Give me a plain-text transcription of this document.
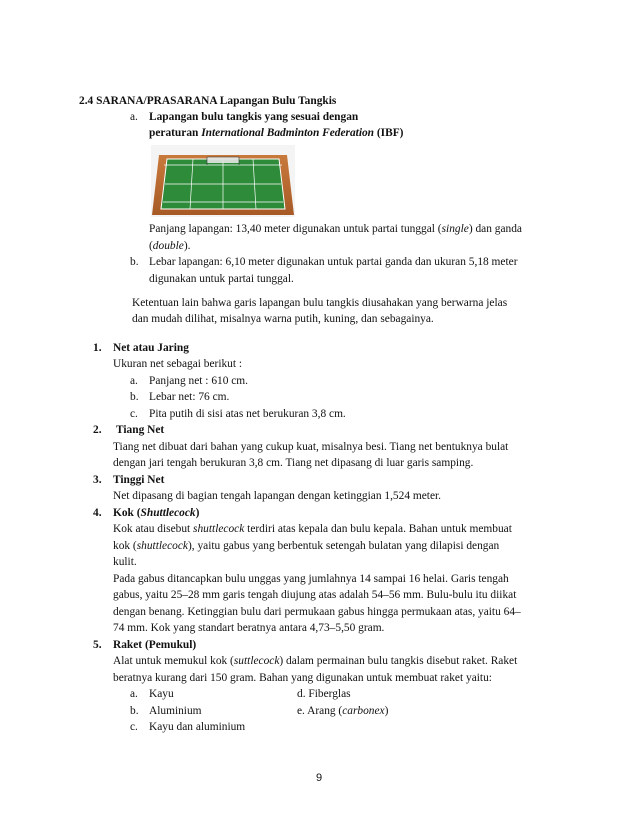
2.4 SARANA/PRASARANA Lapangan Bulu Tangkis
a. Lapangan bulu tangkis yang sesuai dengan
peraturan International Badminton Federation (IBF)
Panjang lapangan: 13,40 meter digunakan untuk partai tunggal (single) dan ganda
(double).
b. Lebar lapangan: 6,10 meter digunakan untuk partai ganda dan ukuran 5,18 meter
digunakan untuk partai tunggal.
Ketentuan lain bahwa garis lapangan bulu tangkis diusahakan yang berwarna jelas
dan mudah dilihat, misalnya warna putih, kuning, dan sebagainya.
1. Net atau Jaring
Ukuran net sebagai berikut :
a. Panjang net : 610 cm.
b. Lebar net: 76 cm.
c. Pita putih di sisi atas net berukuran 3,8 cm.
2. Tiang Net
Tiang net dibuat dari bahan yang cukup kuat, misalnya besi. Tiang net bentuknya bulat
dengan jari tengah berukuran 3,8 cm. Tiang net dipasang di luar garis samping.
3. Tinggi Net
Net dipasang di bagian tengah lapangan dengan ketinggian 1,524 meter.
4. Kok (Shuttlecock)
Kok atau disebut shuttlecock terdiri atas kepala dan bulu kepala. Bahan untuk membuat
kok (shuttlecock), yaitu gabus yang berbentuk setengah bulatan yang dilapisi dengan
kulit.
Pada gabus ditancapkan bulu unggas yang jumlahnya 14 sampai 16 helai. Garis tengah
gabus, yaitu 25–28 mm garis tengah diujung atas adalah 54–56 mm. Bulu-bulu itu diikat
dengan benang. Ketinggian bulu dari permukaan gabus hingga permukaan atas, yaitu 64–
74 mm. Kok yang standart beratnya antara 4,73–5,50 gram.
5. Raket (Pemukul)
Alat untuk memukul kok (suttlecock) dalam permainan bulu tangkis disebut raket. Raket
beratnya kurang dari 150 gram. Bahan yang digunakan untuk membuat raket yaitu:
a. Kayu	d. Fiberglas
b. Aluminium	e. Arang (carbonex)
c. Kayu dan aluminium
9
